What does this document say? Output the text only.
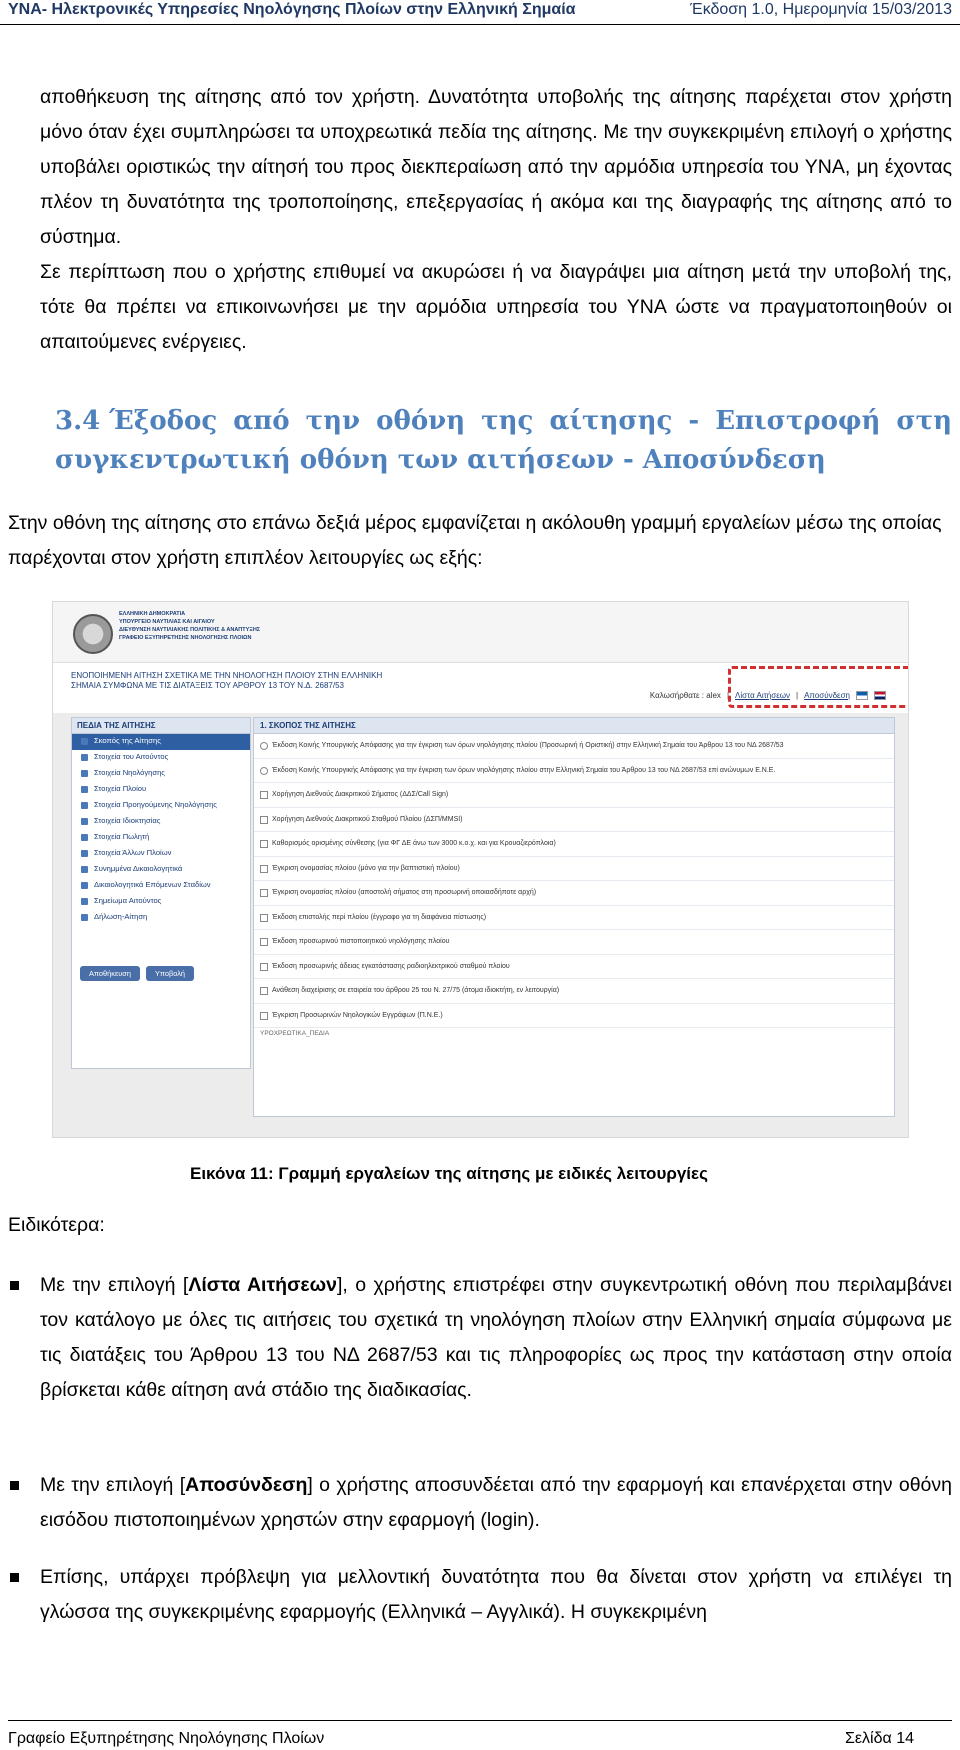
ΥΝΑ- Ηλεκτρονικές Υπηρεσίες Νηολόγησης Πλοίων στην Ελληνική Σημαία	Έκδοση 1.0, Ημερομηνία 15/03/2013

αποθήκευση της αίτησης από τον χρήστη. Δυνατότητα υποβολής της αίτησης παρέχεται στον χρήστη μόνο όταν έχει συμπληρώσει τα υποχρεωτικά πεδία της αίτησης. Με την συγκεκριμένη επιλογή ο χρήστης υποβάλει οριστικώς την αίτησή του προς διεκπεραίωση από την αρμόδια υπηρεσία του ΥΝΑ, μη έχοντας πλέον τη δυνατότητα της τροποποίησης, επεξεργασίας ή ακόμα και της διαγραφής της αίτησης από το σύστημα.

Σε περίπτωση που ο χρήστης επιθυμεί να ακυρώσει ή να διαγράψει μια αίτηση μετά την υποβολή της, τότε θα πρέπει να επικοινωνήσει με την αρμόδια υπηρεσία του ΥΝΑ ώστε να πραγματοποιηθούν οι απαιτούμενες ενέργειες.

3.4 Έξοδος από την οθόνη της αίτησης - Επιστροφή στη
συγκεντρωτική οθόνη των αιτήσεων - Αποσύνδεση
Στην οθόνη της αίτησης στο επάνω δεξιά μέρος εμφανίζεται η ακόλουθη γραμμή εργαλείων μέσω της οποίας παρέχονται στον χρήστη επιπλέον λειτουργίες ως εξής:
ΕΛΛΗΝΙΚΗ ΔΗΜΟΚΡΑΤΙΑ
ΥΠΟΥΡΓΕΙΟ ΝΑΥΤΙΛΙΑΣ ΚΑΙ ΑΙΓΑΙΟΥ
ΔΙΕΥΘΥΝΣΗ ΝΑΥΤΙΛΙΑΚΗΣ ΠΟΛΙΤΙΚΗΣ & ΑΝΑΠΤΥΞΗΣ
ΓΡΑΦΕΙΟ ΕΞΥΠΗΡΕΤΗΣΗΣ ΝΗΟΛΟΓΗΣΗΣ ΠΛΟΙΩΝ
ΕΝΟΠΟΙΗΜΕΝΗ ΑΙΤΗΣΗ ΣΧΕΤΙΚΑ ΜΕ ΤΗΝ ΝΗΟΛΟΓΗΣΗ ΠΛΟΙΟΥ ΣΤΗΝ ΕΛΛΗΝΙΚΗ ΣΗΜΑΙΑ ΣΥΜΦΩΝΑ ΜΕ ΤΙΣ ΔΙΑΤΑΞΕΙΣ ΤΟΥ ΑΡΘΡΟΥ 13 ΤΟΥ Ν.Δ. 2687/53
Καλωσήρθατε : alex | Λίστα Αιτήσεων | Αποσύνδεση
ΠΕΔΙΑ ΤΗΣ ΑΙΤΗΣΗΣ
Σκοπός της Αίτησης
Στοιχεία του Αιτούντος
Στοιχεία Νηολόγησης
Στοιχεία Πλοίου
Στοιχεία Προηγούμενης Νηολόγησης
Στοιχεία Ιδιοκτησίας
Στοιχεία Πωλητή
Στοιχεία Άλλων Πλοίων
Συνημμένα Δικαιολογητικά
Δικαιολογητικά Επόμενων Σταδίων
Σημείωμα Αιτούντος
Δήλωση-Αίτηση
Αποθήκευση	Υποβολή
1. ΣΚΟΠΟΣ ΤΗΣ ΑΙΤΗΣΗΣ
Έκδοση Κοινής Υπουργικής Απόφασης για την έγκριση των όρων νηολόγησης πλοίου (Προσωρινή ή Οριστική) στην Ελληνική Σημαία του Άρθρου 13 του ΝΔ 2687/53
Έκδοση Κοινής Υπουργικής Απόφασης για την έγκριση των όρων νηολόγησης πλοίου στην Ελληνική Σημαία του Άρθρου 13 του ΝΔ 2687/53 επί ανώνυμων Ε.Ν.Ε.
Χορήγηση Διεθνούς Διακριτικού Σήματος (ΔΔΣ/Call Sign)
Χορήγηση Διεθνούς Διακριτικού Σταθμού Πλοίου (ΔΣΠ/MMSI)
Καθορισμός ορισμένης σύνθεσης (για ΦΓ ΔΕ άνω των 3000 κ.ο.χ. και για Κρουαζιερόπλοια)
Έγκριση ονομασίας πλοίου (μόνο για την βαπτιστική πλοίου)
Έγκριση ονομασίας πλοίου (αποστολή σήματος στη προσωρινή οποιασδήποτε αρχή)
Έκδοση επιστολής περί πλοίου (έγγραφο για τη διαφάνεια πίστωσης)
Έκδοση προσωρινού πιστοποιητικού νηολόγησης πλοίου
Έκδοση προσωρινής άδειας εγκατάστασης ραδιοηλεκτρικού σταθμού πλοίου
Ανάθεση διαχείρισης σε εταιρεία του άρθρου 25 του Ν. 27/75 (άτομα ιδιοκτήτη, εν λειτουργία)
Έγκριση Προσωρινών Νηολογικών Εγγράφων (Π.Ν.Ε.)
ΥΡΟΧΡΕΩΤΙΚΑ_ΠΕΔΙΑ
Εικόνα 11: Γραμμή εργαλείων της αίτησης με ειδικές λειτουργίες
Ειδικότερα:
Με την επιλογή [Λίστα Αιτήσεων], ο χρήστης επιστρέφει στην συγκεντρωτική οθόνη που περιλαμβάνει τον κατάλογο με όλες τις αιτήσεις του σχετικά τη νηολόγηση πλοίων στην Ελληνική σημαία σύμφωνα με τις διατάξεις του Άρθρου 13 του ΝΔ 2687/53 και τις πληροφορίες ως προς την κατάσταση στην οποία βρίσκεται κάθε αίτηση ανά στάδιο της διαδικασίας.
Με την επιλογή [Αποσύνδεση] ο χρήστης αποσυνδέεται από την εφαρμογή και επανέρχεται στην οθόνη εισόδου πιστοποιημένων χρηστών στην εφαρμογή (login).
Επίσης, υπάρχει πρόβλεψη για μελλοντική δυνατότητα που θα δίνεται στον χρήστη να επιλέγει τη γλώσσα της συγκεκριμένης εφαρμογής (Ελληνικά – Αγγλικά). Η συγκεκριμένη
Γραφείο Εξυπηρέτησης Νηολόγησης Πλοίων	Σελίδα 14
